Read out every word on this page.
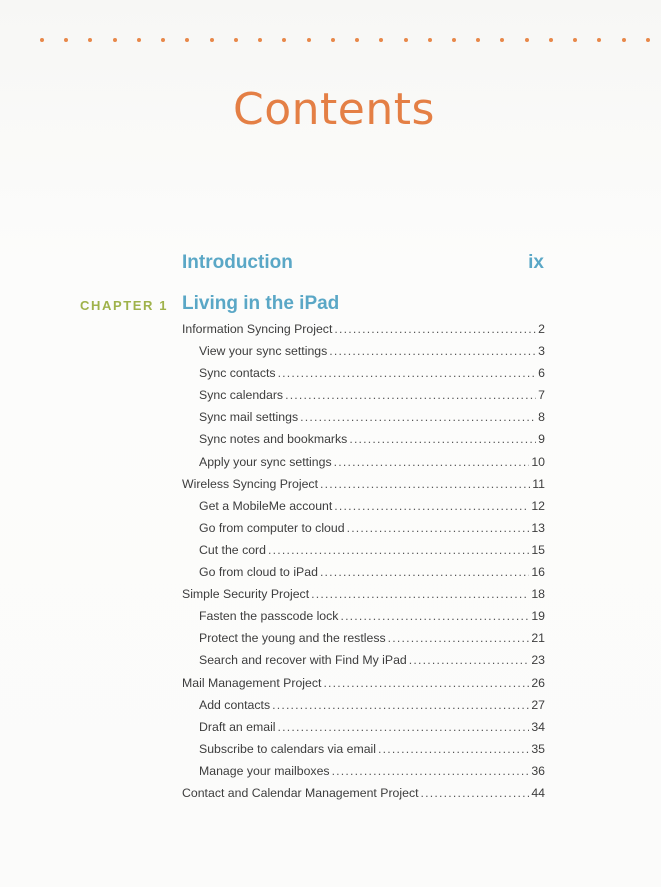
Contents
Introduction	ix
CHAPTER 1 Living in the iPad
Information Syncing Project .....	2
View your sync settings .....	3
Sync contacts .....	6
Sync calendars .....	7
Sync mail settings .....	8
Sync notes and bookmarks .....	9
Apply your sync settings .....	10
Wireless Syncing Project .....	11
Get a MobileMe account .....	12
Go from computer to cloud .....	13
Cut the cord .....	15
Go from cloud to iPad .....	16
Simple Security Project .....	18
Fasten the passcode lock .....	19
Protect the young and the restless .....	21
Search and recover with Find My iPad .....	23
Mail Management Project .....	26
Add contacts .....	27
Draft an email .....	34
Subscribe to calendars via email .....	35
Manage your mailboxes .....	36
Contact and Calendar Management Project .....	44
